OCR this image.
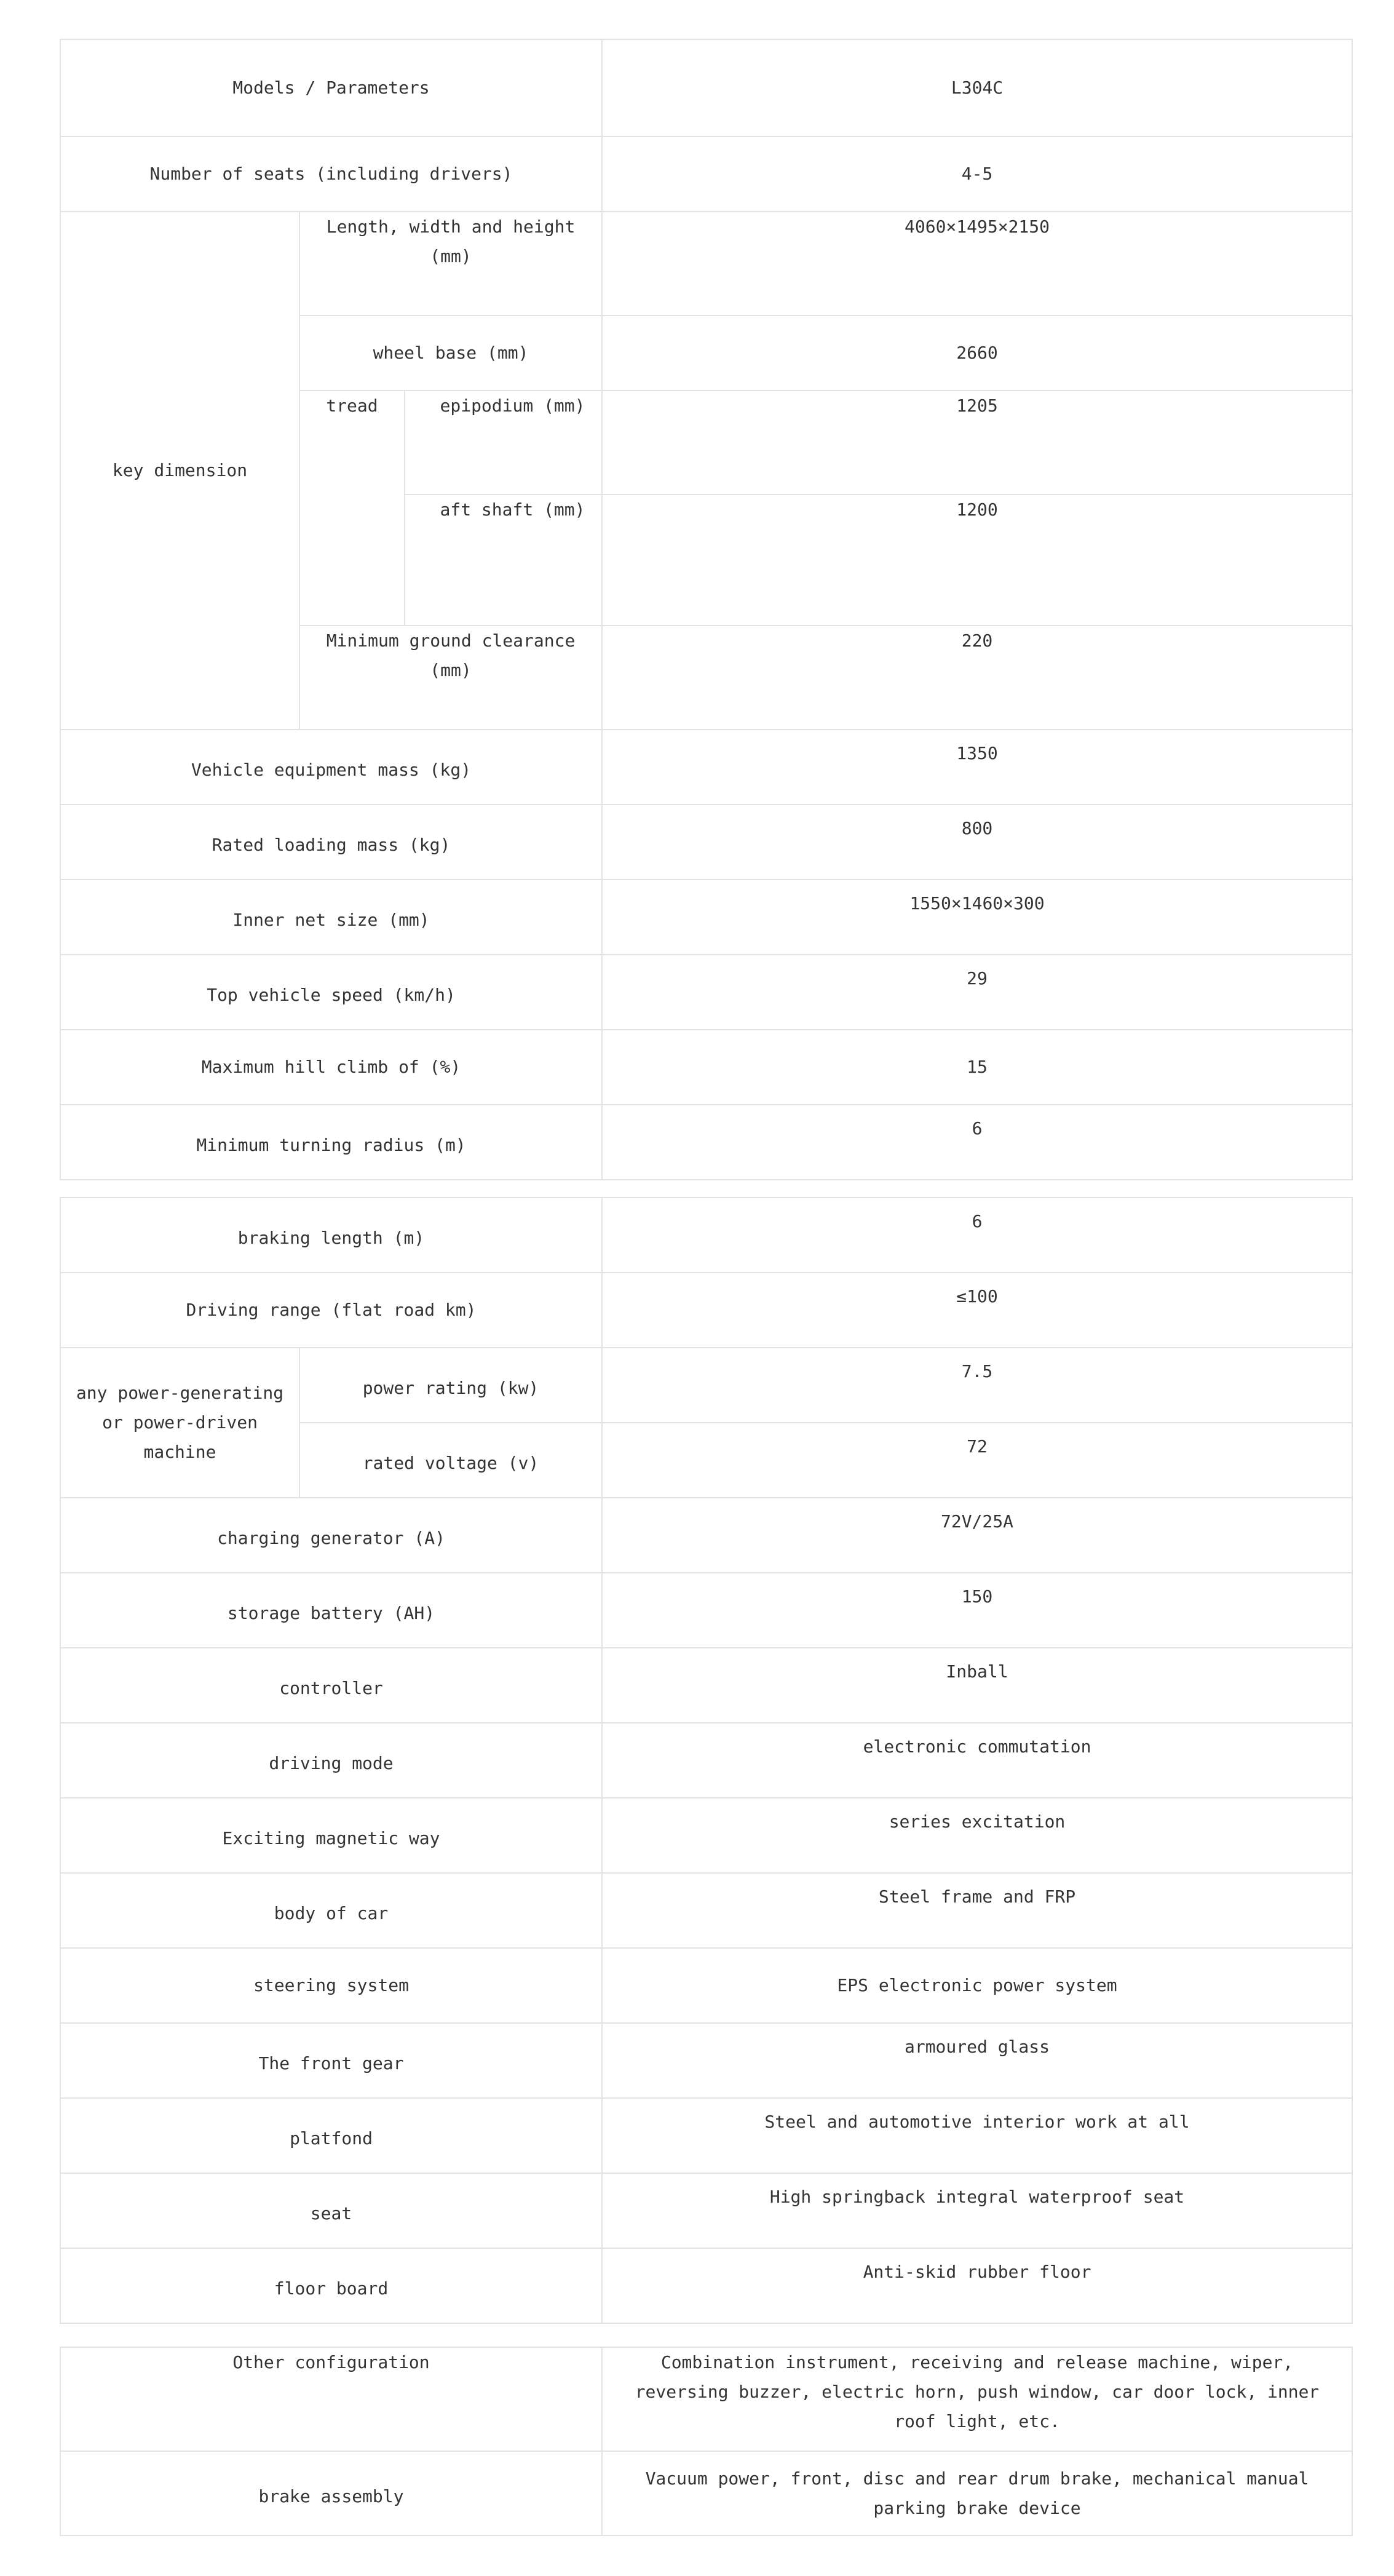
Models / Parameters			L304C
Number of seats (including drivers)			4-5
key dimension	Length, width and height (mm)		4060×1495×2150
	wheel base (mm)		2660
	tread	epipodium (mm)	1205
		aft shaft (mm)	1200
	Minimum ground clearance (mm)		220
Vehicle equipment mass (kg)			1350
Rated loading mass (kg)			800
Inner net size (mm)			1550×1460×300
Top vehicle speed (km/h)			29
Maximum hill climb of (%)			15
Minimum turning radius (m)			6
braking length (m)		6
Driving range (flat road km)		≤100
any power-generating or power-driven machine	power rating (kw)	7.5
	rated voltage (v)	72
charging generator (A)		72V/25A
storage battery (AH)		150
controller		Inball
driving mode		electronic commutation
Exciting magnetic way		series excitation
body of car		Steel frame and FRP
steering system		EPS electronic power system
The front gear		armoured glass
platfond		Steel and automotive interior work at all
seat		High springback integral waterproof seat
floor board		Anti-skid rubber floor
Other configuration	Combination instrument, receiving and release machine, wiper, reversing buzzer, electric horn, push window, car door lock, inner roof light, etc.
brake assembly	Vacuum power, front, disc and rear drum brake, mechanical manual parking brake device
